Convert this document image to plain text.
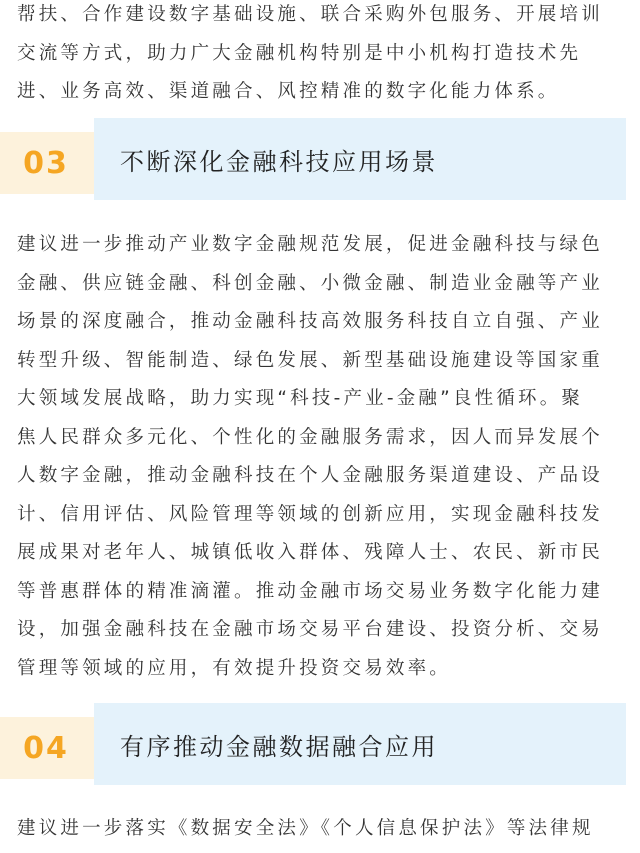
帮扶、合作建设数字基础设施、联合采购外包服务、开展培训
交流等方式，助力广大金融机构特别是中小机构打造技术先
进、业务高效、渠道融合、风控精准的数字化能力体系。
03 不断深化金融科技应用场景
建议进一步推动产业数字金融规范发展，促进金融科技与绿色
金融、供应链金融、科创金融、小微金融、制造业金融等产业
场景的深度融合，推动金融科技高效服务科技自立自强、产业
转型升级、智能制造、绿色发展、新型基础设施建设等国家重
大领域发展战略，助力实现“科技-产业-金融”良性循环。聚
焦人民群众多元化、个性化的金融服务需求，因人而异发展个
人数字金融，推动金融科技在个人金融服务渠道建设、产品设
计、信用评估、风险管理等领域的创新应用，实现金融科技发
展成果对老年人、城镇低收入群体、残障人士、农民、新市民
等普惠群体的精准滴灌。推动金融市场交易业务数字化能力建
设，加强金融科技在金融市场交易平台建设、投资分析、交易
管理等领域的应用，有效提升投资交易效率。
04 有序推动金融数据融合应用
建议进一步落实《数据安全法》《个人信息保护法》等法律规
